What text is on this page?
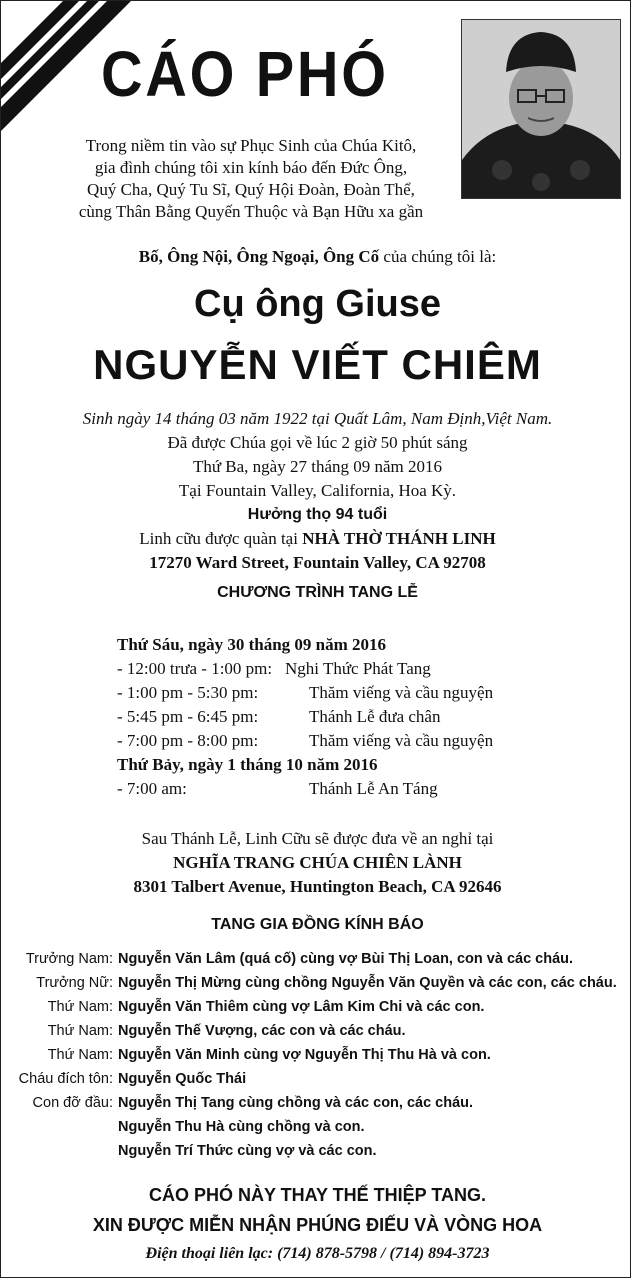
CÁO PHÓ
Trong niềm tin vào sự Phục Sinh của Chúa Kitô,
gia đình chúng tôi xin kính báo đến Đức Ông,
Quý Cha, Quý Tu Sĩ, Quý Hội Đoàn, Đoàn Thể,
cùng Thân Bằng Quyến Thuộc và Bạn Hữu xa gần
Bố, Ông Nội, Ông Ngoại, Ông Cố của chúng tôi là:
Cụ ông Giuse
NGUYỄN VIẾT CHIÊM
Sinh ngày 14 tháng 03 năm 1922 tại Quất Lâm, Nam Định,Việt Nam.
Đã được Chúa gọi về lúc 2 giờ 50 phút sáng
Thứ Ba, ngày 27 tháng 09 năm 2016
Tại Fountain Valley, California, Hoa Kỳ.
Hưởng thọ 94 tuổi
Linh cữu được quàn tại NHÀ THỜ THÁNH LINH
17270 Ward Street, Fountain Valley, CA 92708
CHƯƠNG TRÌNH TANG LỄ
Thứ Sáu, ngày 30 tháng 09 năm 2016
- 12:00 trưa - 1:00 pm: Nghi Thức Phát Tang
- 1:00 pm - 5:30 pm:	Thăm viếng và cầu nguyện
- 5:45 pm - 6:45 pm:	Thánh Lễ đưa chân
- 7:00 pm - 8:00 pm:	Thăm viếng và cầu nguyện
Thứ Bảy, ngày 1 tháng 10 năm 2016
- 7:00 am:	Thánh Lễ An Táng
Sau Thánh Lễ, Linh Cữu sẽ được đưa về an nghỉ tại
NGHĨA TRANG CHÚA CHIÊN LÀNH
8301 Talbert Avenue, Huntington Beach, CA 92646
TANG GIA ĐỒNG KÍNH BÁO
Trưởng Nam: Nguyễn Văn Lâm (quá cố) cùng vợ Bùi Thị Loan, con và các cháu.
Trưởng Nữ: Nguyễn Thị Mừng cùng chồng Nguyễn Văn Quyền và các con, các cháu.
Thứ Nam: Nguyễn Văn Thiêm cùng vợ Lâm Kim Chi và các con.
Thứ Nam: Nguyễn Thế Vượng, các con và các cháu.
Thứ Nam: Nguyễn Văn Minh cùng vợ Nguyễn Thị Thu Hà và con.
Cháu đích tôn: Nguyễn Quốc Thái
Con đỡ đầu: Nguyễn Thị Tang cùng chồng và các con, các cháu.
Nguyễn Thu Hà cùng chồng và con.
Nguyễn Trí Thức cùng vợ và các con.
CÁO PHÓ NÀY THAY THẾ THIỆP TANG.
XIN ĐƯỢC MIỄN NHẬN PHÚNG ĐIẾU VÀ VÒNG HOA
Điện thoại liên lạc: (714) 878-5798 / (714) 894-3723
